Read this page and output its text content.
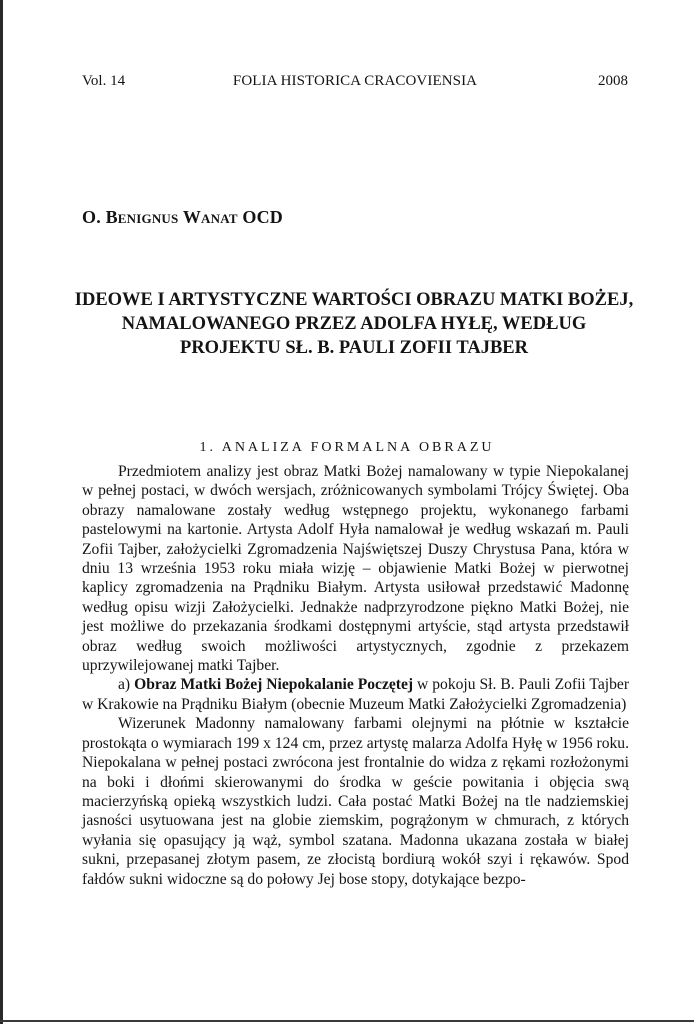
Vol. 14	FOLIA HISTORICA CRACOVIENSIA	2008
O. Benignus Wanat OCD
IDEOWE I ARTYSTYCZNE WARTOŚCI OBRAZU MATKI BOŻEJ, NAMALOWANEGO PRZEZ ADOLFA HYŁĘ, WEDŁUG PROJEKTU SŁ. B. PAULI ZOFII TAJBER
1. ANALIZA FORMALNA OBRAZU

Przedmiotem analizy jest obraz Matki Bożej namalowany w typie Niepokalanej w pełnej postaci, w dwóch wersjach, zróżnicowanych symbolami Trójcy Świętej. Oba obrazy namalowane zostały według wstępnego projektu, wykonanego farbami pastelowymi na kartonie. Artysta Adolf Hyła namalował je według wskazań m. Pauli Zofii Tajber, założycielki Zgromadzenia Najświętszej Duszy Chrystusa Pana, która w dniu 13 września 1953 roku miała wizję – objawienie Matki Bożej w pierwotnej kaplicy zgromadzenia na Prądniku Białym. Artysta usiłował przedstawić Madonnę według opisu wizji Założycielki. Jednakże nadprzyrodzone piękno Matki Bożej, nie jest możliwe do przekazania środkami dostępnymi artyście, stąd artysta przedstawił obraz według swoich możliwości artystycznych, zgodnie z przekazem uprzywilejowanej matki Tajber.

a) Obraz Matki Bożej Niepokalanie Poczętej w pokoju Sł. B. Pauli Zofii Tajber w Krakowie na Prądniku Białym (obecnie Muzeum Matki Założycielki Zgromadzenia)

Wizerunek Madonny namalowany farbami olejnymi na płótnie w kształcie prostokąta o wymiarach 199 x 124 cm, przez artystę malarza Adolfa Hyłę w 1956 roku. Niepokalana w pełnej postaci zwrócona jest frontalnie do widza z rękami rozłożonymi na boki i dłońmi skierowanymi do środka w geście powitania i objęcia swą macierzyńską opieką wszystkich ludzi. Cała postać Matki Bożej na tle nadziemskiej jasności usytuowana jest na globie ziemskim, pogrążonym w chmurach, z których wyłania się opasujący ją wąż, symbol szatana. Madonna ukazana została w białej sukni, przepasanej złotym pasem, ze złocistą bordiurą wokół szyi i rękawów. Spod fałdów sukni widoczne są do połowy Jej bose stopy, dotykające bezpo-
